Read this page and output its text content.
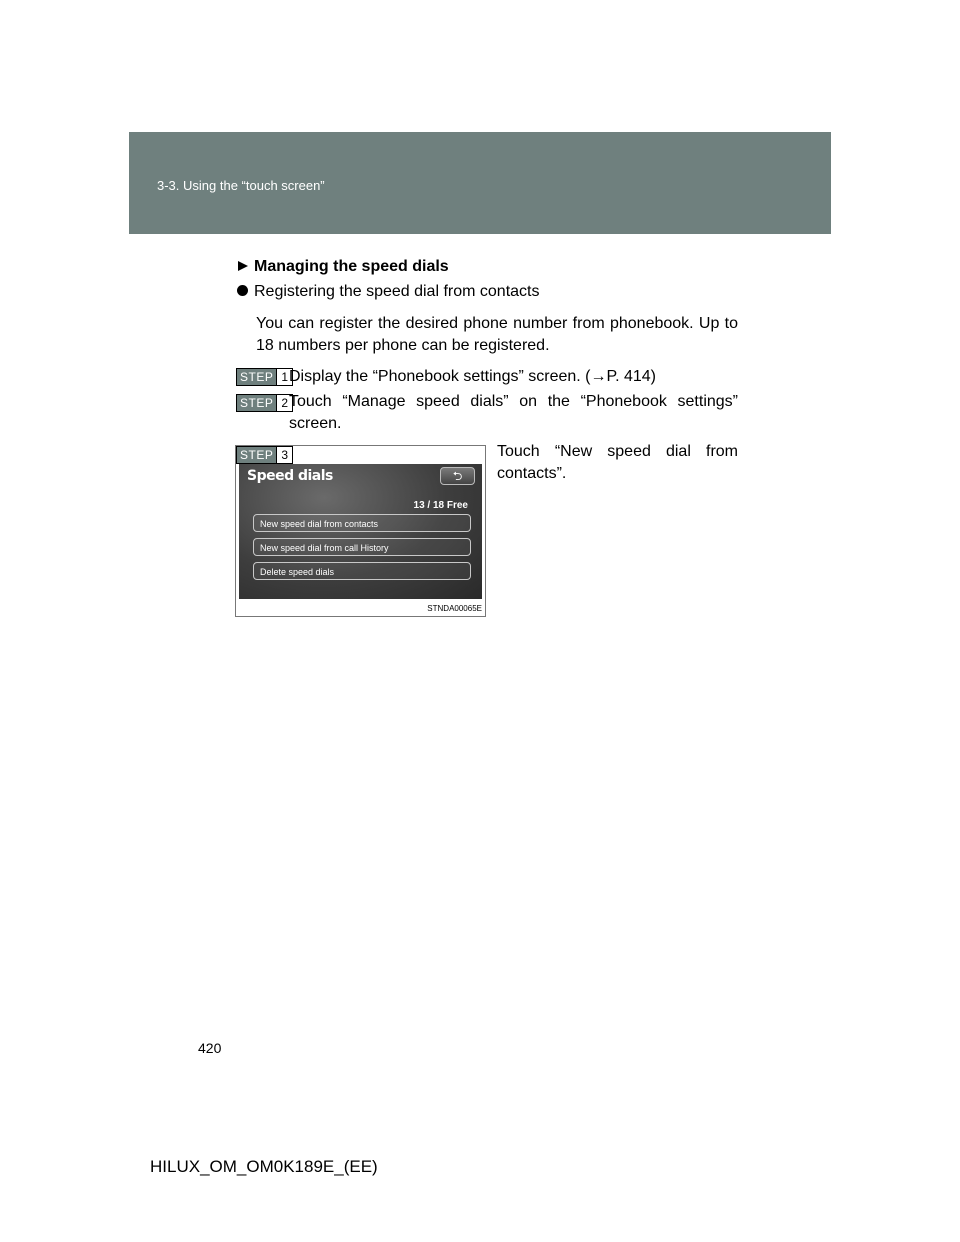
3-3. Using the “touch screen”
Managing the speed dials
Registering the speed dial from contacts
You can register the desired phone number from phonebook. Up to
18 numbers per phone can be registered.
STEP 1 Display the “Phonebook settings” screen. (→P. 414)
STEP 2 Touch “Manage speed dials” on the “Phonebook settings”
screen.
Touch “New speed dial from
contacts”.
STEP 3
Speed dials	⮌
13 / 18 Free
New speed dial from contacts
New speed dial from call History
Delete speed dials
STNDA00065E
420
HILUX_OM_OM0K189E_(EE)
